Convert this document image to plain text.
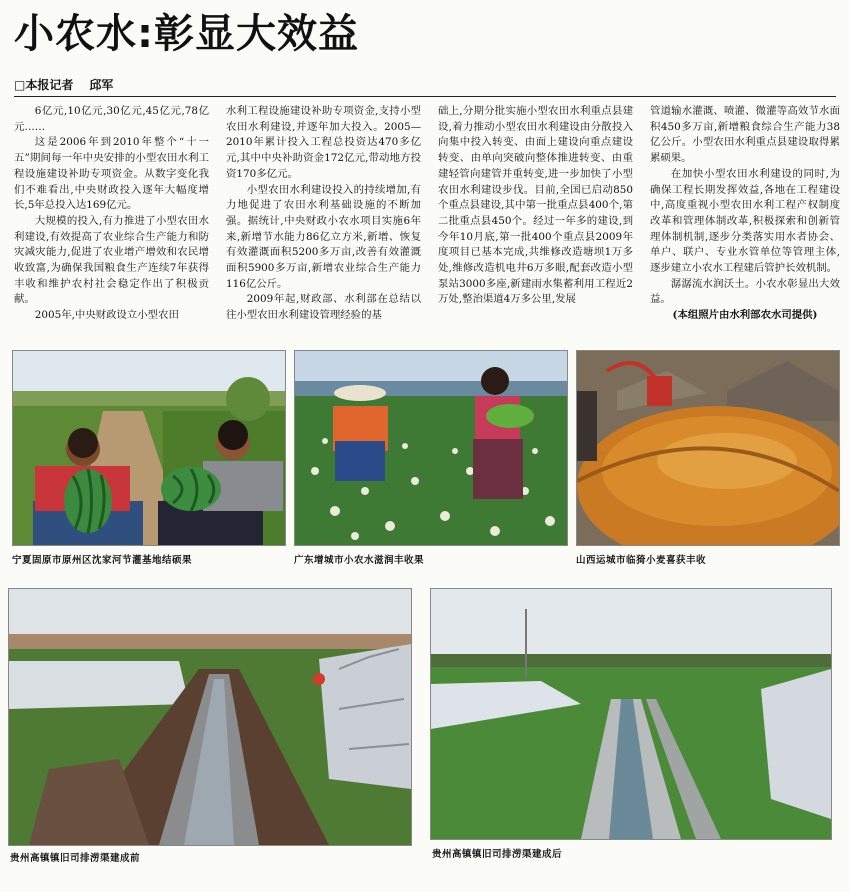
小农水:彰显大效益
□本报记者 邱军

6亿元,10亿元,30亿元,45亿元,78亿元……

这是2006年到2010年整个“十一五”期间每一年中央安排的小型农田水利工程设施建设补助专项资金。从数字变化我们不难看出,中央财政投入逐年大幅度增长,5年总投入达169亿元。

大规模的投入,有力推进了小型农田水利建设,有效提高了农业综合生产能力和防灾减灾能力,促进了农业增产增效和农民增收致富,为确保我国粮食生产连续7年获得丰收和维护农村社会稳定作出了积极贡献。

2005年,中央财政设立小型农田

水利工程设施建设补助专项资金,支持小型农田水利建设,并逐年加大投入。2005—2010年累计投入工程总投资达470多亿元,其中中央补助资金172亿元,带动地方投资170多亿元。

小型农田水利建设投入的持续增加,有力地促进了农田水利基础设施的不断加强。据统计,中央财政小农水项目实施6年来,新增节水能力86亿立方米,新增、恢复有效灌溉面积5200多万亩,改善有效灌溉面积5900多万亩,新增农业综合生产能力116亿公斤。

2009年起,财政部、水利部在总结以往小型农田水利建设管理经验的基

础上,分期分批实施小型农田水利重点县建设,着力推动小型农田水利建设由分散投入向集中投入转变、由面上建设向重点建设转变、由单向突破向整体推进转变、由重建轻管向建管并重转变,进一步加快了小型农田水利建设步伐。目前,全国已启动850个重点县建设,其中第一批重点县400个,第二批重点县450个。经过一年多的建设,到今年10月底,第一批400个重点县2009年度项目已基本完成,共维修改造塘坝1万多处,维修改造机电井6万多眼,配套改造小型泵站3000多座,新建雨水集蓄利用工程近2万处,整治渠道4万多公里,发展

管道输水灌溉、喷灌、微灌等高效节水面积450多万亩,新增粮食综合生产能力38亿公斤。小型农田水利重点县建设取得累累硕果。

在加快小型农田水利建设的同时,为确保工程长期发挥效益,各地在工程建设中,高度重视小型农田水利工程产权制度改革和管理体制改革,积极探索和创新管理体制机制,逐步分类落实用水者协会、单户、联户、专业水管单位等管理主体,逐步建立小农水工程建后管护长效机制。

潺潺流水润沃土。小农水彰显出大效益。

(本组照片由水利部农水司提供)

宁夏固原市原州区沈家河节灌基地结硕果	广东增城市小农水滋润丰收果	山西运城市临猗小麦喜获丰收
贵州高镇镇旧司排涝渠建成前	贵州高镇镇旧司排涝渠建成后
